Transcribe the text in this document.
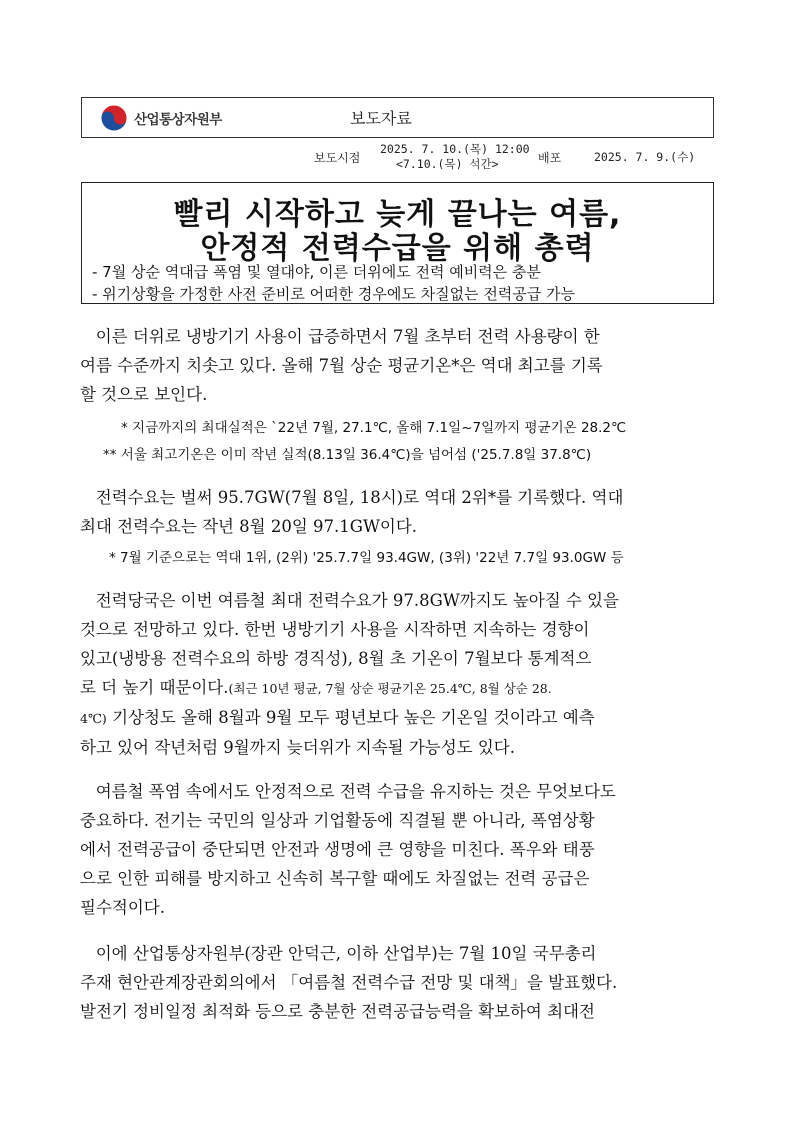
산업통상자원부	보도자료
보도시점
2025. 7. 10.(목) 12:00
<7.10.(목) 석간>	배포	2025. 7. 9.(수)
빨리 시작하고 늦게 끝나는 여름,
안정적 전력수급을 위해 총력
- 7월 상순 역대급 폭염 및 열대야, 이른 더위에도 전력 예비력은 충분
- 위기상황을 가정한 사전 준비로 어떠한 경우에도 차질없는 전력공급 가능
이른 더위로 냉방기기 사용이 급증하면서 7월 초부터 전력 사용량이 한
여름 수준까지 치솟고 있다. 올해 7월 상순 평균기온*은 역대 최고를 기록
할 것으로 보인다.
* 지금까지의 최대실적은 `22년 7월, 27.1℃, 올해 7.1일~7일까지 평균기온 28.2℃
** 서울 최고기온은 이미 작년 실적(8.13일 36.4℃)을 넘어섬 ('25.7.8일 37.8℃)
전력수요는 벌써 95.7GW(7월 8일, 18시)로 역대 2위*를 기록했다. 역대
최대 전력수요는 작년 8월 20일 97.1GW이다.
* 7월 기준으로는 역대 1위, (2위) '25.7.7일 93.4GW, (3위) '22년 7.7일 93.0GW 등
전력당국은 이번 여름철 최대 전력수요가 97.8GW까지도 높아질 수 있을
것으로 전망하고 있다. 한번 냉방기기 사용을 시작하면 지속하는 경향이
있고(냉방용 전력수요의 하방 경직성), 8월 초 기온이 7월보다 통계적으
로 더 높기 때문이다.(최근 10년 평균, 7월 상순 평균기온 25.4℃, 8월 상순 28.
4℃) 기상청도 올해 8월과 9월 모두 평년보다 높은 기온일 것이라고 예측
하고 있어 작년처럼 9월까지 늦더위가 지속될 가능성도 있다.
여름철 폭염 속에서도 안정적으로 전력 수급을 유지하는 것은 무엇보다도
중요하다. 전기는 국민의 일상과 기업활동에 직결될 뿐 아니라, 폭염상황
에서 전력공급이 중단되면 안전과 생명에 큰 영향을 미친다. 폭우와 태풍
으로 인한 피해를 방지하고 신속히 복구할 때에도 차질없는 전력 공급은
필수적이다.
이에 산업통상자원부(장관 안덕근, 이하 산업부)는 7월 10일 국무총리
주재 현안관계장관회의에서 「여름철 전력수급 전망 및 대책」을 발표했다.
발전기 정비일정 최적화 등으로 충분한 전력공급능력을 확보하여 최대전
